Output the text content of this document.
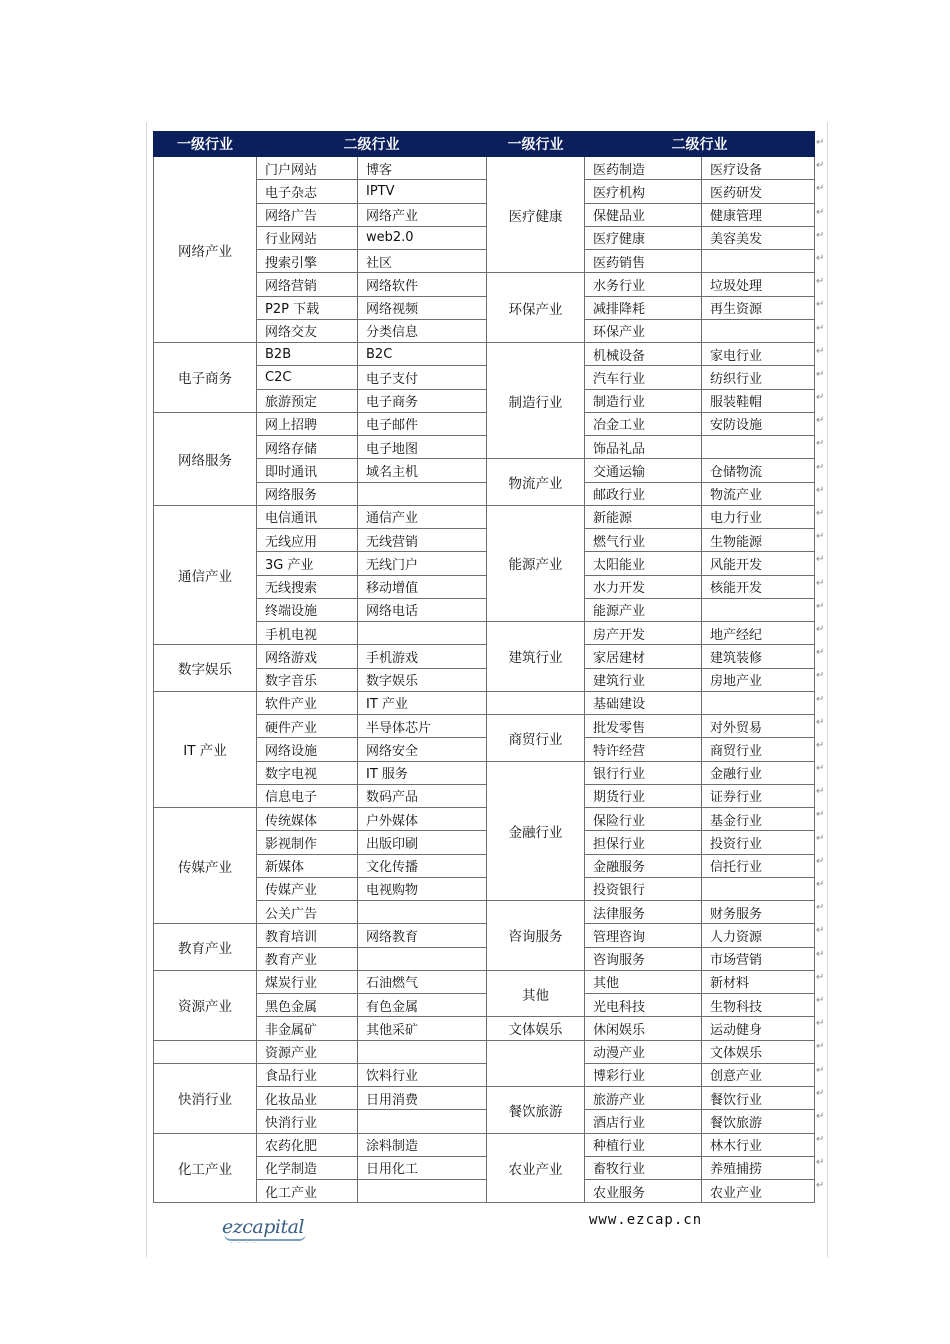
一级行业	二级行业		一级行业	二级行业	
网络产业	门户网站	博客	医疗健康	医药制造	医疗设备
	电子杂志	IPTV		医疗机构	医药研发
	网络广告	网络产业		保健品业	健康管理
	行业网站	web2.0		医疗健康	美容美发
	搜索引擎	社区		医药销售	
	网络营销	网络软件	环保产业	水务行业	垃圾处理
	P2P 下载	网络视频		减排降耗	再生资源
	网络交友	分类信息		环保产业	
电子商务	B2B	B2C	制造行业	机械设备	家电行业
	C2C	电子支付		汽车行业	纺织行业
	旅游预定	电子商务		制造行业	服装鞋帽
网络服务	网上招聘	电子邮件		冶金工业	安防设施
	网络存储	电子地图		饰品礼品	
	即时通讯	域名主机	物流产业	交通运输	仓储物流
	网络服务			邮政行业	物流产业
通信产业	电信通讯	通信产业	能源产业	新能源	电力行业
	无线应用	无线营销		燃气行业	生物能源
	3G 产业	无线门户		太阳能业	风能开发
	无线搜索	移动增值		水力开发	核能开发
	终端设施	网络电话		能源产业	
	手机电视		建筑行业	房产开发	地产经纪
数字娱乐	网络游戏	手机游戏		家居建材	建筑装修
	数字音乐	数字娱乐		建筑行业	房地产业
IT 产业	软件产业	IT 产业		基础建设	
	硬件产业	半导体芯片	商贸行业	批发零售	对外贸易
	网络设施	网络安全		特许经营	商贸行业
	数字电视	IT 服务	金融行业	银行行业	金融行业
	信息电子	数码产品		期货行业	证券行业
传媒产业	传统媒体	户外媒体		保险行业	基金行业
	影视制作	出版印刷		担保行业	投资行业
	新媒体	文化传播		金融服务	信托行业
	传媒产业	电视购物		投资银行	
	公关广告		咨询服务	法律服务	财务服务
教育产业	教育培训	网络教育		管理咨询	人力资源
	教育产业			咨询服务	市场营销
资源产业	煤炭行业	石油燃气	其他	其他	新材料
	黑色金属	有色金属		光电科技	生物科技
	非金属矿	其他采矿	文体娱乐	休闲娱乐	运动健身
	资源产业			动漫产业	文体娱乐
快消行业	食品行业	饮料行业		博彩行业	创意产业
	化妆品业	日用消费	餐饮旅游	旅游产业	餐饮行业
	快消行业			酒店行业	餐饮旅游
化工产业	农药化肥	涂料制造	农业产业	种植行业	林木行业
	化学制造	日用化工		畜牧行业	养殖捕捞
	化工产业			农业服务	农业产业
↵
↵
↵
↵
↵
↵
↵
↵
↵
↵
↵
↵
↵
↵
↵
↵
↵
↵
↵
↵
↵
↵
↵
↵
↵
↵
↵
↵
↵
↵
↵
↵
↵
↵
↵
↵
↵
↵
↵
↵
↵
↵
↵
↵
↵
↵
ezcapital
····
www.ezcap.cn
